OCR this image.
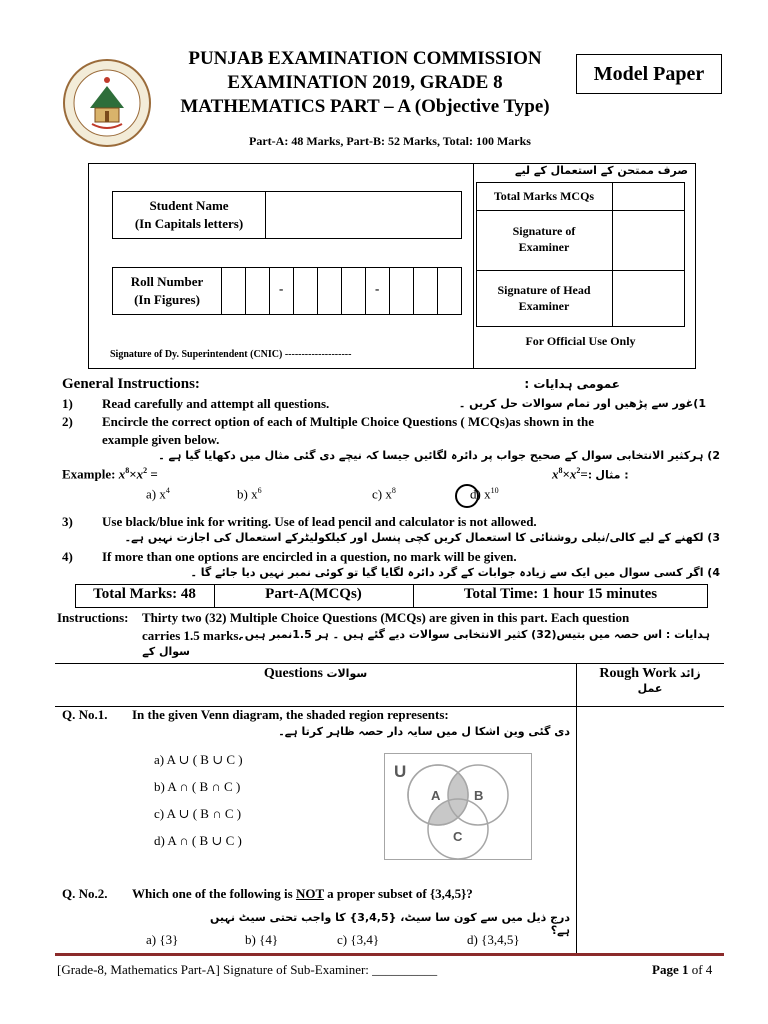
PUNJAB EXAMINATION COMMISSION
EXAMINATION 2019, GRADE 8
MATHEMATICS PART – A (Objective Type)
Model Paper
Part-A: 48 Marks, Part-B: 52 Marks, Total: 100 Marks
Student Name
(In Capitals letters)
Roll Number
(In Figures)
-	-
Signature of Dy. Superintendent (CNIC) --------------------
صرف ممتحن کے استعمال کے لیے
Total Marks MCQs
Signature of
Examiner
Signature of Head
Examiner
For Official Use Only
General Instructions:	عمومی ہدایات :
1) Read carefully and attempt all questions.	1)غور سے پڑھیں اور تمام سوالات حل کریں ۔
2) Encircle the correct option of each of Multiple Choice Questions ( MCQs)as shown in the
example given below.
2) ہرکثیر الانتخابی سوال کے صحیح جواب پر دائرہ لگائیں جیسا کہ نیچے دی گئی مثال میں دکھایا گیا ہے ۔
Example: $x^8\times x^2$ =	$x^8\times x^2=$: مثال :
a) $x^4$	b) $x^6$	c) $x^8$	d) $x^{10}$
3) Use black/blue ink for writing. Use of lead pencil and calculator is not allowed.
3) لکھنے کے لیے کالی/نیلی روشنائی کا استعمال کریں کچی پنسل اور کیلکولیٹرکے استعمال کی اجازت نہیں ہے۔
4) If more than one options are encircled in a question, no mark will be given.
4) اگر کسی سوال میں ایک سے زیادہ جوابات کے گرد دائرہ لگایا گیا تو کوئی نمبر نہیں دیا جائے گا ۔
Total Marks: 48	Part-A(MCQs)	Total Time: 1 hour 15 minutes
Instructions: Thirty two (32) Multiple Choice Questions (MCQs) are given in this part. Each question
carries 1.5 marks.
ہدایات : اس حصہ میں بتیس(32) کثیر الانتخابی سوالات دیے گئے ہیں ۔ ہر 1.5نمبر ہیں۔
سوال کے
Questions سوالات	Rough Work زائد
عمل
Q. No.1. In the given Venn diagram, the shaded region represents:
دی گئی وین اشکا ل میں سایہ دار حصہ ظاہر کرتا ہے۔
a) A ∪ ( B ∪ C )
b) A ∩ ( B ∩ C )
c) A ∪ ( B ∩ C )
d) A ∩ ( B ∪ C )
U
A	B
C
Q. No.2. Which one of the following is NOT a proper subset of {3,4,5}?
درج ذیل میں سے کون سا سیٹ، {3,4,5} کا واجب تحتی سیٹ نہیں ہے؟
a) {3}	b) {4}	c) {3,4}	d) {3,4,5}
[Grade-8, Mathematics Part-A] Signature of Sub-Examiner: __________	Page 1 of 4
